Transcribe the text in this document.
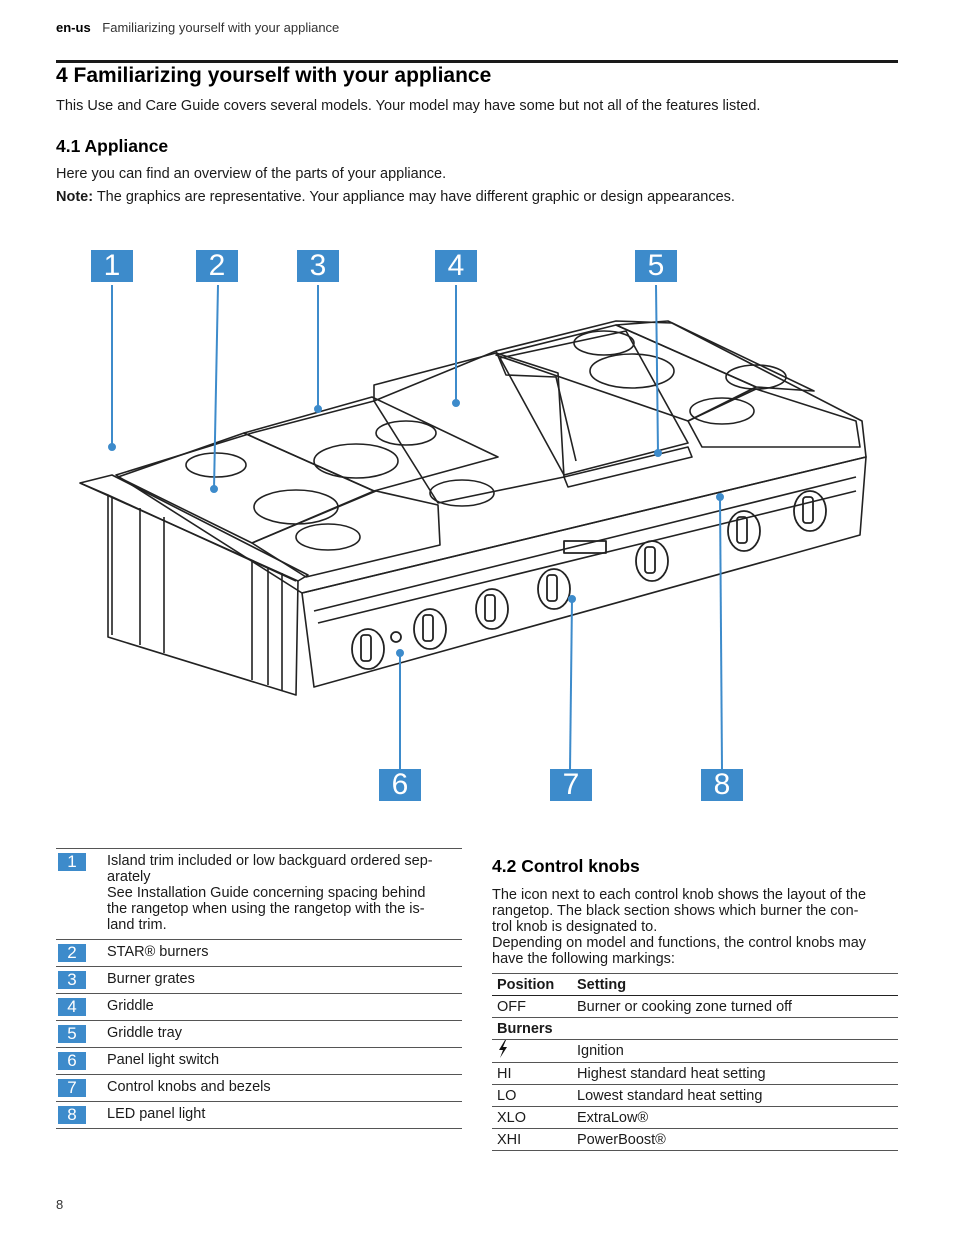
en-us Familiarizing yourself with your appliance
4 Familiarizing yourself with your appliance

This Use and Care Guide covers several models. Your model may have some but not all of the features listed.

4.1 Appliance

Here you can find an overview of the parts of your appliance.

Note: The graphics are representative. Your appliance may have different graphic or design appearances.

1	2	3	4	5
6	7	8
1	Island trim included or low backguard ordered sep-
arately
See Installation Guide concerning spacing behind
the rangetop when using the rangetop with the is-
land trim.
2	STAR® burners
3	Burner grates
4	Griddle
5	Griddle tray
6	Panel light switch
7	Control knobs and bezels
8	LED panel light
4.2 Control knobs
The icon next to each control knob shows the layout of the
rangetop. The black section shows which burner the con-
trol knob is designated to.
Depending on model and functions, the control knobs may
have the following markings:
Position	Setting
OFF	Burner or cooking zone turned off
Burners	
	Ignition
HI	Highest standard heat setting
LO	Lowest standard heat setting
XLO	ExtraLow®
XHI	PowerBoost®
8
